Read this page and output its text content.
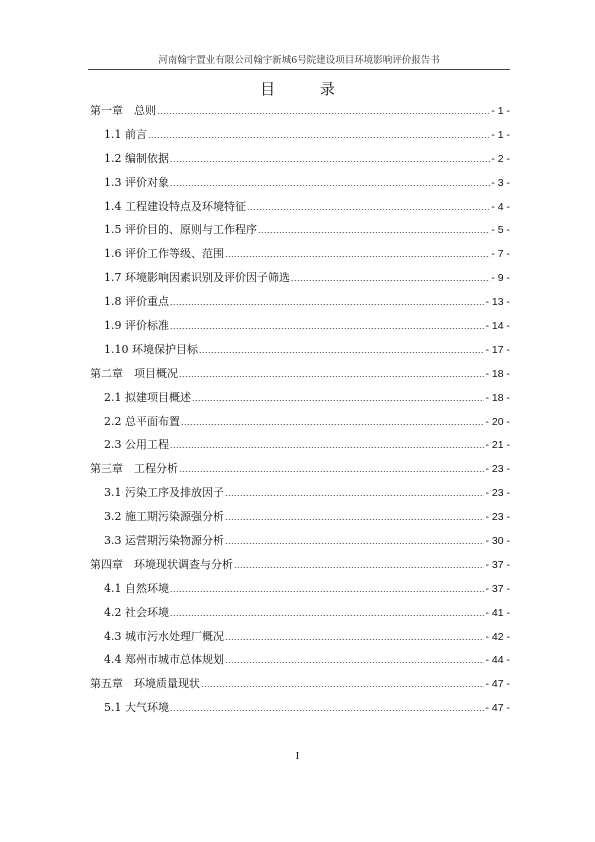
河南翰宇置业有限公司翰宇新城6号院建设项目环境影响评价报告书
目 录
第一章　总则 .....	- 1 -
1.1 前言 .....	- 1 -
1.2 编制依据 .....	- 2 -
1.3 评价对象 .....	- 3 -
1.4 工程建设特点及环境特征 .....	- 4 -
1.5 评价目的、原则与工作程序 .....	- 5 -
1.6 评价工作等级、范围 .....	- 7 -
1.7 环境影响因素识别及评价因子筛选 .....	- 9 -
1.8 评价重点 .....	- 13 -
1.9 评价标准 .....	- 14 -
1.10 环境保护目标 .....	- 17 -
第二章　项目概况 .....	- 18 -
2.1 拟建项目概述 .....	- 18 -
2.2 总平面布置 .....	- 20 -
2.3 公用工程 .....	- 21 -
第三章　工程分析 .....	- 23 -
3.1 污染工序及排放因子 .....	- 23 -
3.2 施工期污染源强分析 .....	- 23 -
3.3 运营期污染物源分析 .....	- 30 -
第四章　环境现状调查与分析 .....	- 37 -
4.1 自然环境 .....	- 37 -
4.2 社会环境 .....	- 41 -
4.3 城市污水处理厂概况 .....	- 42 -
4.4 郑州市城市总体规划 .....	- 44 -
第五章　环境质量现状 .....	- 47 -
5.1 大气环境 .....	- 47 -
I
